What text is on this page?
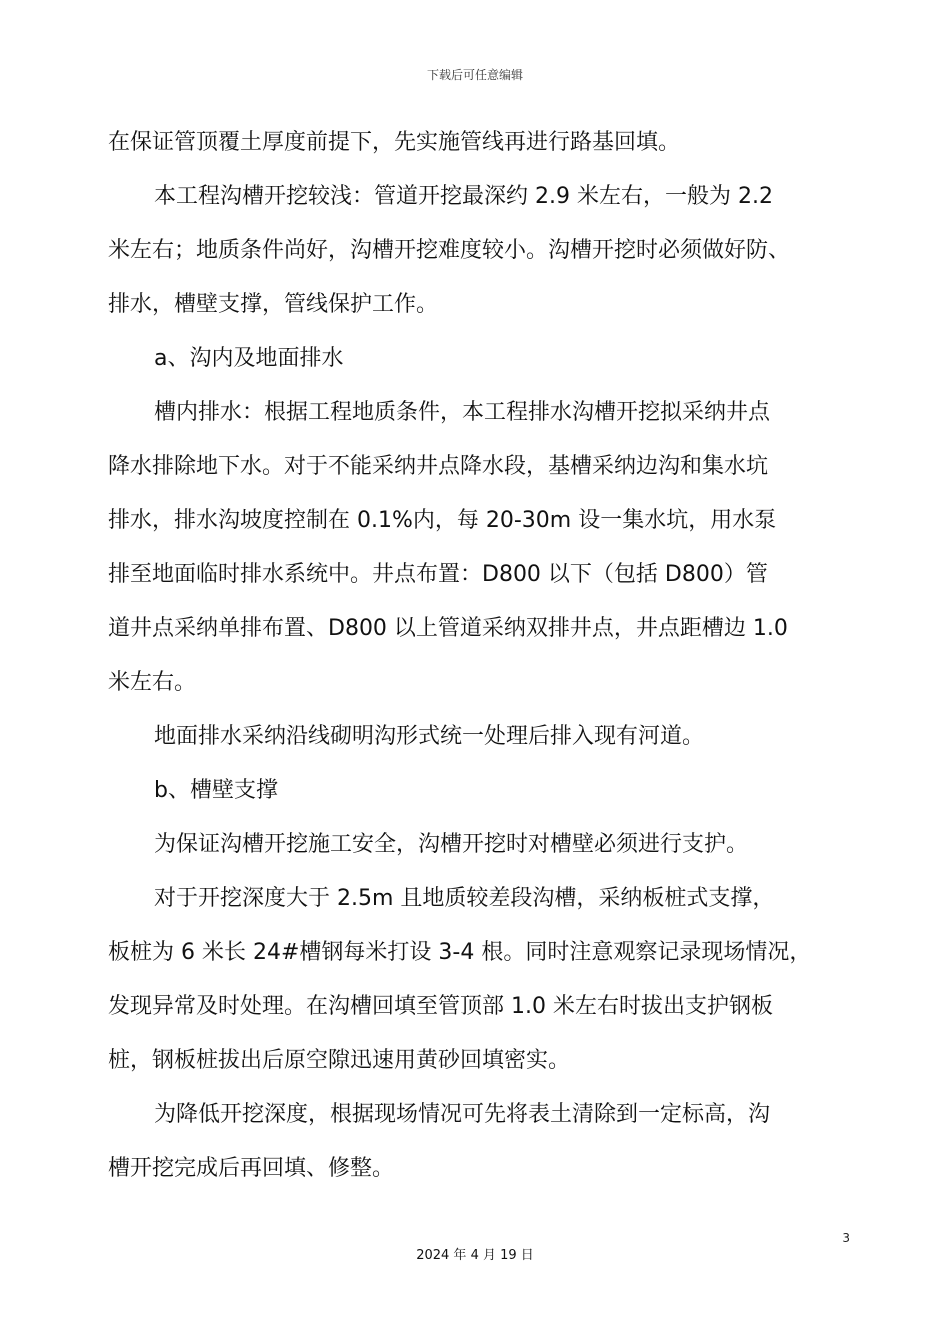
下载后可任意编辑
在保证管顶覆土厚度前提下，先实施管线再进行路基回填。
本工程沟槽开挖较浅：管道开挖最深约 2.9 米左右，一般为 2.2
米左右；地质条件尚好，沟槽开挖难度较小。沟槽开挖时必须做好防、
排水，槽壁支撑，管线保护工作。
a、沟内及地面排水
槽内排水：根据工程地质条件，本工程排水沟槽开挖拟采纳井点
降水排除地下水。对于不能采纳井点降水段，基槽采纳边沟和集水坑
排水，排水沟坡度控制在 0.1%内，每 20-30m 设一集水坑，用水泵
排至地面临时排水系统中。井点布置：D800 以下（包括 D800）管
道井点采纳单排布置、D800 以上管道采纳双排井点，井点距槽边 1.0
米左右。
地面排水采纳沿线砌明沟形式统一处理后排入现有河道。
b、槽壁支撑
为保证沟槽开挖施工安全，沟槽开挖时对槽壁必须进行支护。
对于开挖深度大于 2.5m 且地质较差段沟槽，采纳板桩式支撑，
板桩为 6 米长 24#槽钢每米打设 3-4 根。同时注意观察记录现场情况，
发现异常及时处理。在沟槽回填至管顶部 1.0 米左右时拔出支护钢板
桩，钢板桩拔出后原空隙迅速用黄砂回填密实。
为降低开挖深度，根据现场情况可先将表土清除到一定标高，沟
槽开挖完成后再回填、修整。
3
2024 年 4 月 19 日
